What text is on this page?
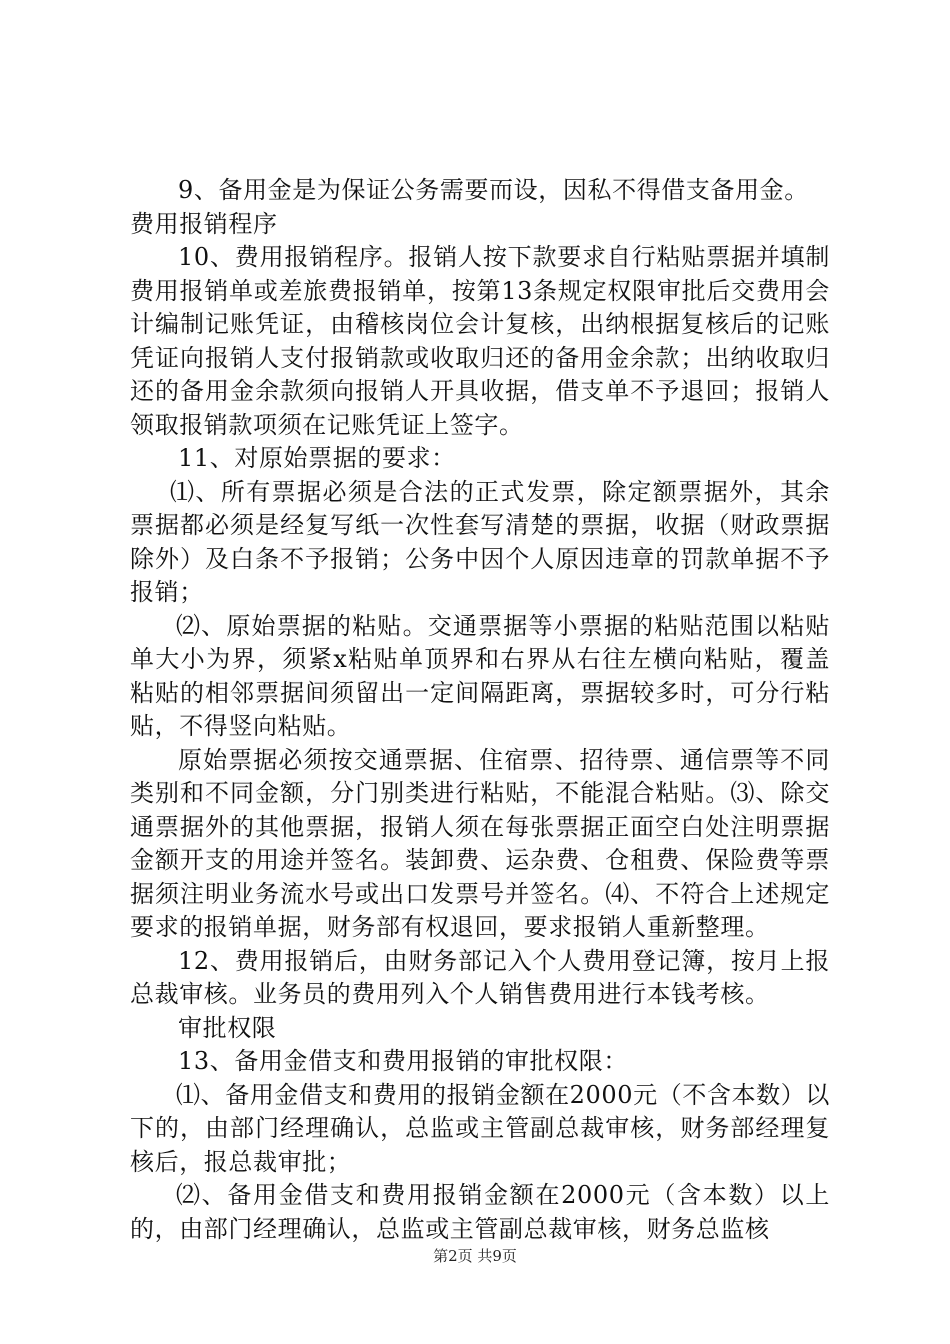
9、备用金是为保证公务需要而设，因私不得借支备用金。

费用报销程序

10、费用报销程序。报销人按下款要求自行粘贴票据并填制费用报销单或差旅费报销单，按第13条规定权限审批后交费用会计编制记账凭证，由稽核岗位会计复核，出纳根据复核后的记账凭证向报销人支付报销款或收取归还的备用金余款；出纳收取归还的备用金余款须向报销人开具收据，借支单不予退回；报销人领取报销款项须在记账凭证上签字。

11、对原始票据的要求：

⑴、所有票据必须是合法的正式发票，除定额票据外，其余票据都必须是经复写纸一次性套写清楚的票据，收据（财政票据除外）及白条不予报销；公务中因个人原因违章的罚款单据不予报销；

⑵、原始票据的粘贴。交通票据等小票据的粘贴范围以粘贴单大小为界，须紧x粘贴单顶界和右界从右往左横向粘贴，覆盖粘贴的相邻票据间须留出一定间隔距离，票据较多时，可分行粘贴，不得竖向粘贴。

原始票据必须按交通票据、住宿票、招待票、通信票等不同类别和不同金额，分门别类进行粘贴，不能混合粘贴。⑶、除交通票据外的其他票据，报销人须在每张票据正面空白处注明票据金额开支的用途并签名。装卸费、运杂费、仓租费、保险费等票据须注明业务流水号或出口发票号并签名。⑷、不符合上述规定要求的报销单据，财务部有权退回，要求报销人重新整理。

12、费用报销后，由财务部记入个人费用登记簿，按月上报总裁审核。业务员的费用列入个人销售费用进行本钱考核。

审批权限

13、备用金借支和费用报销的审批权限：

⑴、备用金借支和费用的报销金额在2000元（不含本数）以下的，由部门经理确认，总监或主管副总裁审核，财务部经理复核后，报总裁审批；

⑵、备用金借支和费用报销金额在2000元（含本数）以上的，由部门经理确认，总监或主管副总裁审核，财务总监核

第2页 共9页
